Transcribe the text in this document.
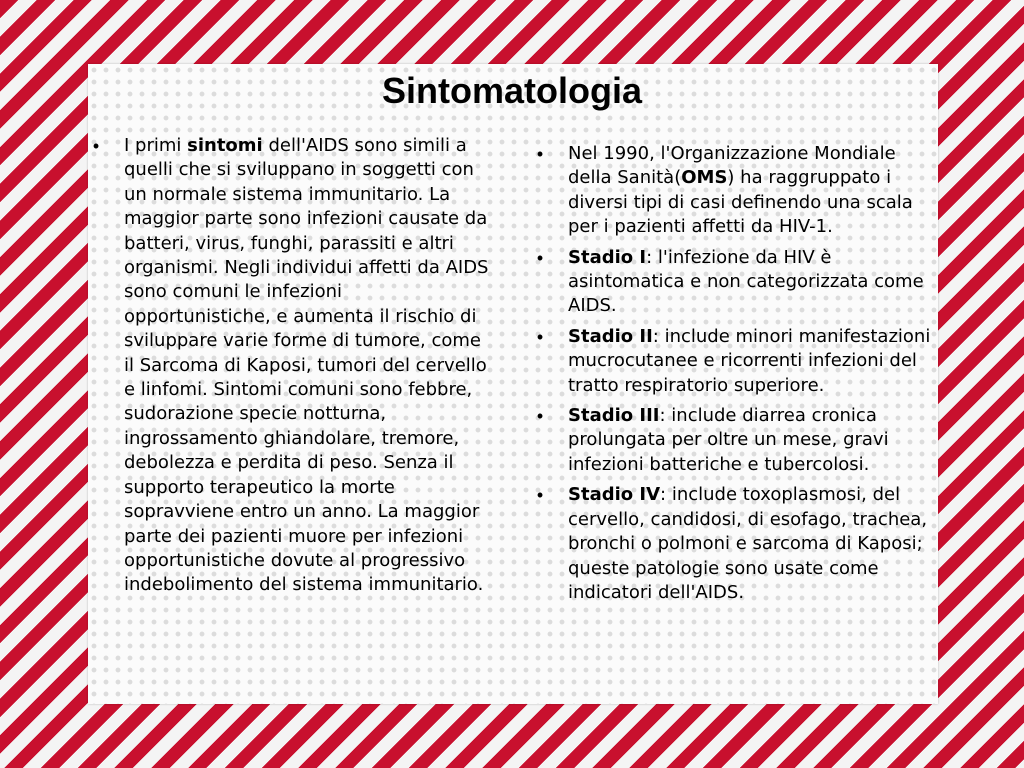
Sintomatologia
• I primi sintomi dell'AIDS sono simili a quelli che si sviluppano in soggetti con un normale sistema immunitario. La maggior parte sono infezioni causate da batteri, virus, funghi, parassiti e altri organismi. Negli individui affetti da AIDS sono comuni le infezioni opportunistiche, e aumenta il rischio di sviluppare varie forme di tumore, come il Sarcoma di Kaposi, tumori del cervello e linfomi. Sintomi comuni sono febbre, sudorazione specie notturna, ingrossamento ghiandolare, tremore, debolezza e perdita di peso. Senza il supporto terapeutico la morte sopravviene entro un anno. La maggior parte dei pazienti muore per infezioni opportunistiche dovute al progressivo indebolimento del sistema immunitario.
• Nel 1990, l'Organizzazione Mondiale della Sanità(OMS) ha raggruppato i diversi tipi di casi definendo una scala per i pazienti affetti da HIV-1.
• Stadio I: l'infezione da HIV è asintomatica e non categorizzata come AIDS.
• Stadio II: include minori manifestazioni mucrocutanee e ricorrenti infezioni del tratto respiratorio superiore.
• Stadio III: include diarrea cronica prolungata per oltre un mese, gravi infezioni batteriche e tubercolosi.
• Stadio IV: include toxoplasmosi, del cervello, candidosi, di esofago, trachea, bronchi o polmoni e sarcoma di Kaposi; queste patologie sono usate come indicatori dell'AIDS.
